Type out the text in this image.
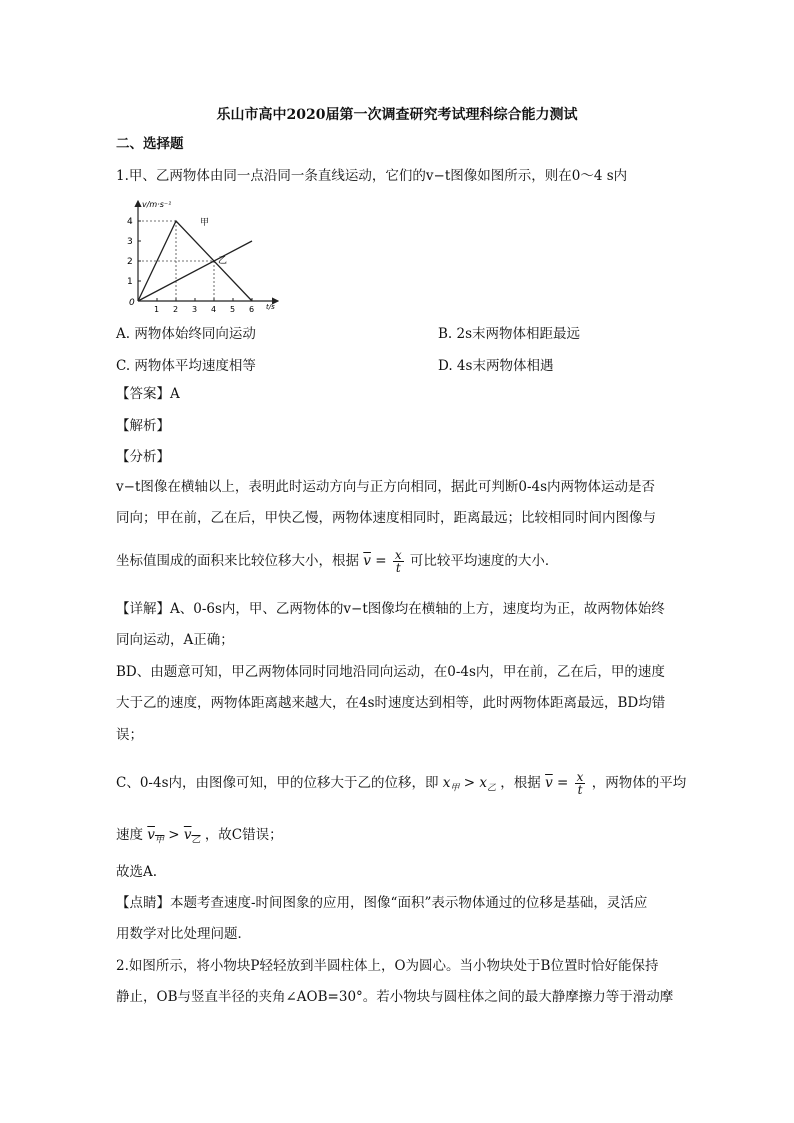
乐山市高中2020届第一次调查研究考试理科综合能力测试
二、选择题
1.甲、乙两物体由同一点沿同一条直线运动，它们的v−t图像如图所示，则在0～4 s内
1
2
3
4
1 2 3 4 5 6
v/m·s⁻¹
t/s
0
甲
乙
A. 两物体始终同向运动	B. 2s末两物体相距最远
C. 两物体平均速度相等	D. 4s末两物体相遇
【答案】A
【解析】
【分析】
v−t图像在横轴以上，表明此时运动方向与正方向相同，据此可判断0-4s内两物体运动是否
同向；甲在前，乙在后，甲快乙慢，两物体速度相同时，距离最远；比较相同时间内图像与
坐标值围成的面积来比较位移大小，根据 $\overline{v} = \frac{x}{t}$ 可比较平均速度的大小．
【详解】A、0-6s内，甲、乙两物体的v−t图像均在横轴的上方，速度均为正，故两物体始终
同向运动，A正确；
BD、由题意可知，甲乙两物体同时同地沿同向运动，在0-4s内，甲在前，乙在后，甲的速度
大于乙的速度，两物体距离越来越大，在4s时速度达到相等，此时两物体距离最远，BD均错
误；
C、0-4s内，由图像可知，甲的位移大于乙的位移，即 $x_甲 > x_乙$ ，根据 $\overline{v} = \frac{x}{t}$ ，两物体的平均
速度 $v_甲 > v_乙$ ，故C错误；
故选A.
【点睛】本题考查速度-时间图象的应用，图像“面积”表示物体通过的位移是基础，灵活应
用数学对比处理问题．
2.如图所示，将小物块P轻轻放到半圆柱体上，O为圆心。当小物块处于B位置时恰好能保持
静止，OB与竖直半径的夹角∠AOB=30°。若小物块与圆柱体之间的最大静摩擦力等于滑动摩
